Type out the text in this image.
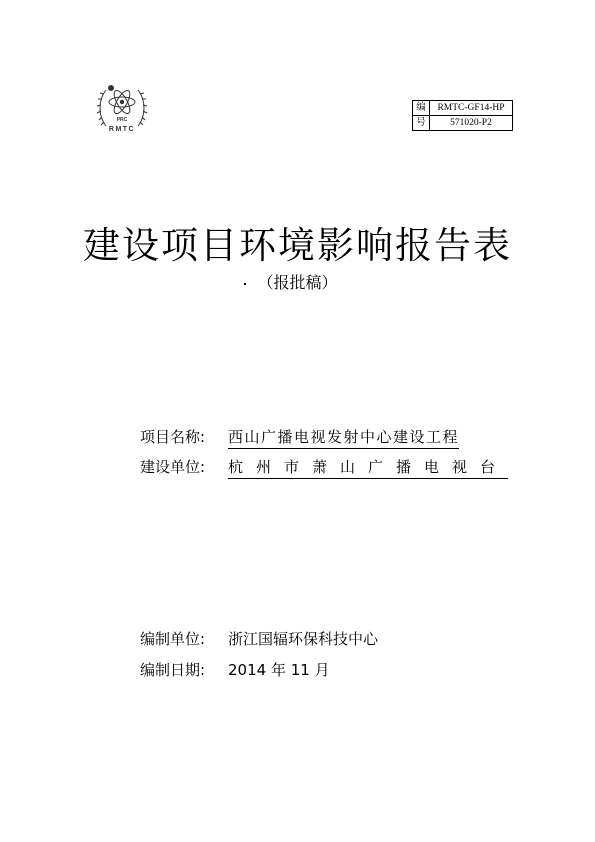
PRC
RMTC
编	RMTC-GF14-HP
号	571020-P2
建设项目环境影响报告表
（报批稿）
项目名称:	西山广播电视发射中心建设工程
建设单位:	杭州市萧山广播电视台
编制单位:	浙江国辐环保科技中心
编制日期:	2014 年 11 月
